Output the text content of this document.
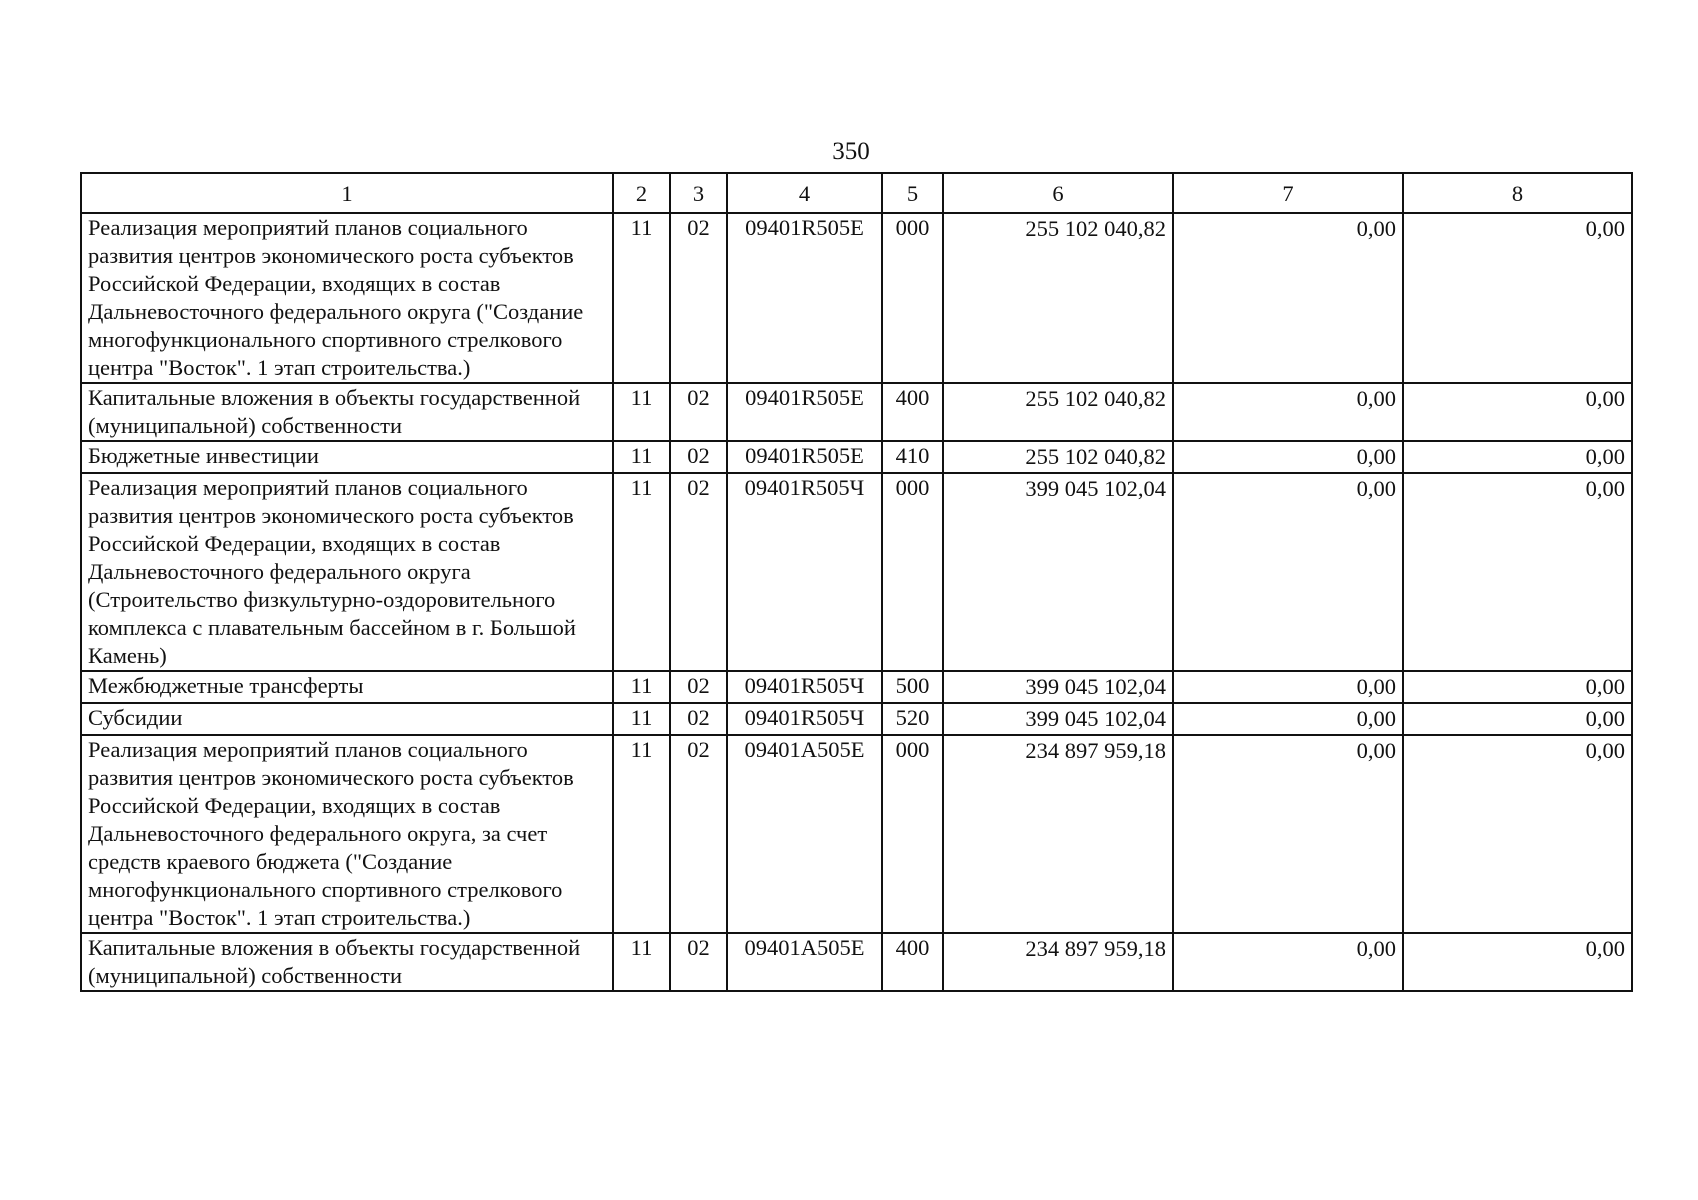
350
1	2	3	4	5	6	7	8
Реализация мероприятий планов социального развития центров экономического роста субъектов Российской Федерации, входящих в состав Дальневосточного федерального округа ("Создание многофункционального спортивного стрелкового центра "Восток". 1 этап строительства.)	11	02	09401R505E	000	255 102 040,82	0,00	0,00
Капитальные вложения в объекты государственной (муниципальной) собственности	11	02	09401R505E	400	255 102 040,82	0,00	0,00
Бюджетные инвестиции	11	02	09401R505E	410	255 102 040,82	0,00	0,00
Реализация мероприятий планов социального развития центров экономического роста субъектов Российской Федерации, входящих в состав Дальневосточного федерального округа (Строительство физкультурно-оздоровительного комплекса с плавательным бассейном в г. Большой Камень)	11	02	09401R505Ч	000	399 045 102,04	0,00	0,00
Межбюджетные трансферты	11	02	09401R505Ч	500	399 045 102,04	0,00	0,00
Субсидии	11	02	09401R505Ч	520	399 045 102,04	0,00	0,00
Реализация мероприятий планов социального развития центров экономического роста субъектов Российской Федерации, входящих в состав Дальневосточного федерального округа, за счет средств краевого бюджета ("Создание многофункционального спортивного стрелкового центра "Восток". 1 этап строительства.)	11	02	09401A505E	000	234 897 959,18	0,00	0,00
Капитальные вложения в объекты государственной (муниципальной) собственности	11	02	09401A505E	400	234 897 959,18	0,00	0,00
